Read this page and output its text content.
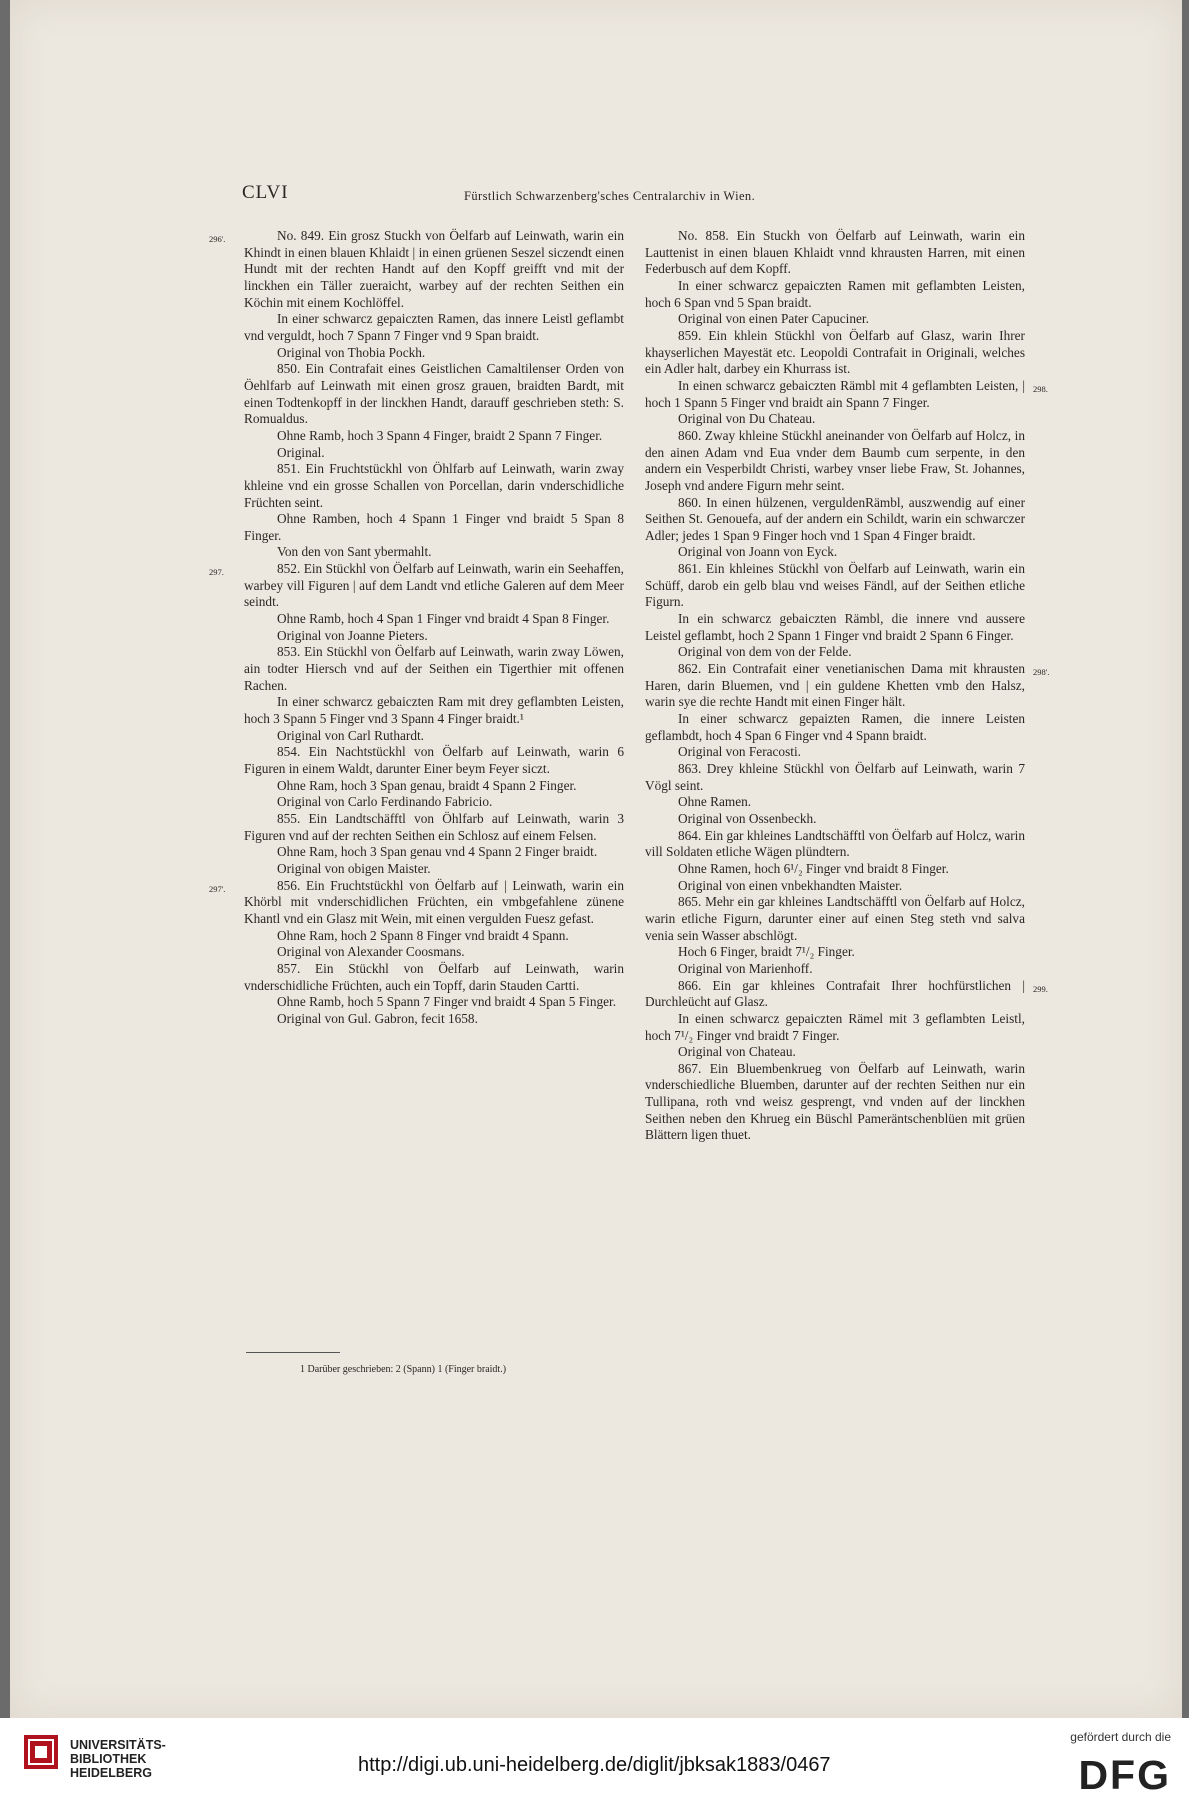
CLVI	Fürstlich Schwarzenberg'sches Centralarchiv in Wien.

296'.	No. 849. Ein grosz Stuckh von Öelfarb auf Leinwath, warin ein Khindt in einen blauen Khlaidt | in einen grüenen Seszel siczendt einen Hundt mit der rechten Handt auf den Kopff greifft vnd mit der linckhen ein Täller zueraicht, warbey auf der rechten Seithen ein Köchin mit einem Kochlöffel.

In einer schwarcz gepaiczten Ramen, das innere Leistl geflambt vnd verguldt, hoch 7 Spann 7 Finger vnd 9 Span braidt.

Original von Thobia Pockh.

850. Ein Contrafait eines Geistlichen Camaltilenser Orden von Öehlfarb auf Leinwath mit einen grosz grauen, braidten Bardt, mit einen Todtenkopff in der linckhen Handt, darauff geschrieben steth: S. Romualdus.

Ohne Ramb, hoch 3 Spann 4 Finger, braidt 2 Spann 7 Finger.

Original.

851. Ein Fruchtstückhl von Öhlfarb auf Leinwath, warin zway khleine vnd ein grosse Schallen von Porcellan, darin vnderschidliche Früchten seint.

Ohne Ramben, hoch 4 Spann 1 Finger vnd braidt 5 Span 8 Finger.

Von den von Sant ybermahlt.

297.	852. Ein Stückhl von Öelfarb auf Leinwath, warin ein Seehaffen, warbey vill Figuren | auf dem Landt vnd etliche Galeren auf dem Meer seindt.

Ohne Ramb, hoch 4 Span 1 Finger vnd braidt 4 Span 8 Finger.

Original von Joanne Pieters.

853. Ein Stückhl von Öelfarb auf Leinwath, warin zway Löwen, ain todter Hiersch vnd auf der Seithen ein Tigerthier mit offenen Rachen.

In einer schwarcz gebaiczten Ram mit drey geflambten Leisten, hoch 3 Spann 5 Finger vnd 3 Spann 4 Finger braidt.¹

Original von Carl Ruthardt.

854. Ein Nachtstückhl von Öelfarb auf Leinwath, warin 6 Figuren in einem Waldt, darunter Einer beym Feyer siczt.

Ohne Ram, hoch 3 Span genau, braidt 4 Spann 2 Finger.

Original von Carlo Ferdinando Fabricio.

855. Ein Landtschäfftl von Öhlfarb auf Leinwath, warin 3 Figuren vnd auf der rechten Seithen ein Schlosz auf einem Felsen.

Ohne Ram, hoch 3 Span genau vnd 4 Spann 2 Finger braidt.

Original von obigen Maister.

297'.	856. Ein Fruchtstückhl von Öelfarb auf | Leinwath, warin ein Khörbl mit vnderschidlichen Früchten, ein vmbgefahlene zünene Khantl vnd ein Glasz mit Wein, mit einen vergulden Fuesz gefast.

Ohne Ram, hoch 2 Spann 8 Finger vnd braidt 4 Spann.

Original von Alexander Coosmans.

857. Ein Stückhl von Öelfarb auf Leinwath, warin vnderschidliche Früchten, auch ein Topff, darin Stauden Cartti.

Ohne Ramb, hoch 5 Spann 7 Finger vnd braidt 4 Span 5 Finger.

Original von Gul. Gabron, fecit 1658.

No. 858. Ein Stuckh von Öelfarb auf Leinwath, warin ein Lauttenist in einen blauen Khlaidt vnnd khrausten Harren, mit einen Federbusch auf dem Kopff.

In einer schwarcz gepaiczten Ramen mit geflambten Leisten, hoch 6 Span vnd 5 Span braidt.

Original von einen Pater Capuciner.

859. Ein khlein Stückhl von Öelfarb auf Glasz, warin Ihrer khayserlichen Mayestät etc. Leopoldi Contrafait in Originali, welches ein Adler halt, darbey ein Khurrass ist.

298.
In einen schwarcz gebaiczten Rämbl mit 4 geflambten Leisten, | hoch 1 Spann 5 Finger vnd braidt ain Spann 7 Finger.

Original von Du Chateau.

860. Zway khleine Stückhl aneinander von Öelfarb auf Holcz, in den ainen Adam vnd Eua vnder dem Baumb cum serpente, in den andern ein Vesperbildt Christi, warbey vnser liebe Fraw, St. Johannes, Joseph vnd andere Figurn mehr seint.

860. In einen hülzenen, verguldenRämbl, auszwendig auf einer Seithen St. Genouefa, auf der andern ein Schildt, warin ein schwarczer Adler; jedes 1 Span 9 Finger hoch vnd 1 Span 4 Finger braidt.

Original von Joann von Eyck.

861. Ein khleines Stückhl von Öelfarb auf Leinwath, warin ein Schüff, darob ein gelb blau vnd weises Fändl, auf der Seithen etliche Figurn.

In ein schwarcz gebaiczten Rämbl, die innere vnd aussere Leistel geflambt, hoch 2 Spann 1 Finger vnd braidt 2 Spann 6 Finger.

Original von dem von der Felde.

298'.
862. Ein Contrafait einer venetianischen Dama mit khrausten Haren, darin Bluemen, vnd | ein guldene Khetten vmb den Halsz, warin sye die rechte Handt mit einen Finger hält.

In einer schwarcz gepaizten Ramen, die innere Leisten geflambdt, hoch 4 Span 6 Finger vnd 4 Spann braidt.

Original von Feracosti.

863. Drey khleine Stückhl von Öelfarb auf Leinwath, warin 7 Vögl seint.

Ohne Ramen.

Original von Ossenbeckh.

864. Ein gar khleines Landtschäfftl von Öelfarb auf Holcz, warin vill Soldaten etliche Wägen plündtern.

Ohne Ramen, hoch 6¹/₂ Finger vnd braidt 8 Finger.

Original von einen vnbekhandten Maister.

865. Mehr ein gar khleines Landtschäfftl von Öelfarb auf Holcz, warin etliche Figurn, darunter einer auf einen Steg steth vnd salva venia sein Wasser abschlögt.

Hoch 6 Finger, braidt 7¹/₂ Finger.

Original von Marienhoff.

299.
866. Ein gar khleines Contrafait Ihrer hochfürstlichen | Durchleücht auf Glasz.

In einen schwarcz gepaiczten Rämel mit 3 geflambten Leistl, hoch 7¹/₂ Finger vnd braidt 7 Finger.

Original von Chateau.

867. Ein Bluembenkrueg von Öelfarb auf Leinwath, warin vnderschiedliche Bluemben, darunter auf der rechten Seithen nur ein Tullipana, roth vnd weisz gesprengt, vnd vnden auf der linckhen Seithen neben den Khrueg ein Büschl Pameräntschenblüen mit grüen Blättern ligen thuet.

1 Darüber geschrieben: 2 (Spann) 1 (Finger braidt.)
UNIVERSITÄTS-
BIBLIOTHEK
HEIDELBERG	http://digi.ub.uni-heidelberg.de/diglit/jbksak1883/0467
gefördert durch die
DFG
